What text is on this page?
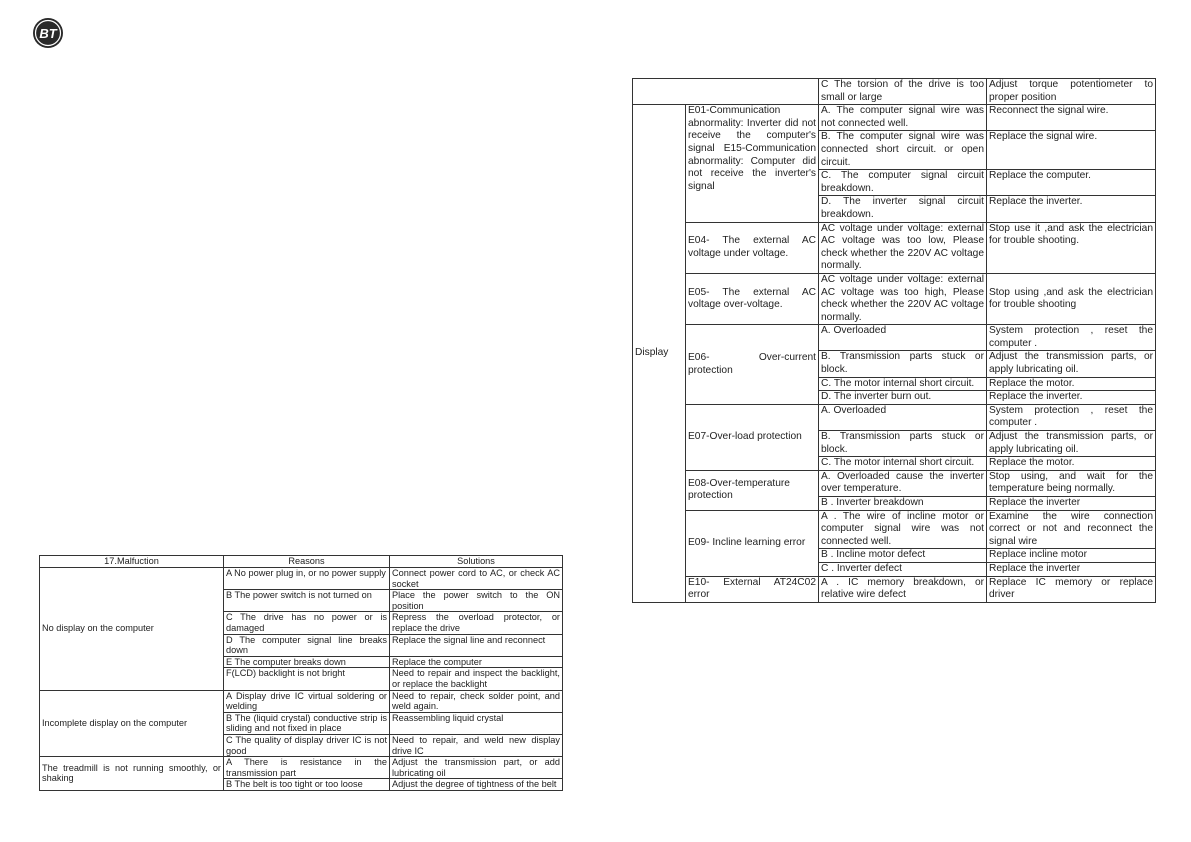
BT
17.Malfuction	Reasons	Solutions
No display on the computer	A No power plug in, or no power supply	Connect power cord to AC, or check AC socket
	B The power switch is not turned on	Place the power switch to the ON position
	C The drive has no power or is damaged	Repress the overload protector, or replace the drive
	D The computer signal line breaks down	Replace the signal line and reconnect
	E The computer breaks down	Replace the computer
	F(LCD) backlight is not bright	Need to repair and inspect the backlight, or replace the backlight
Incomplete display on the computer	A Display drive IC virtual soldering or welding	Need to repair, check solder point, and weld again.
	B The (liquid crystal) conductive strip is sliding and not fixed in place	Reassembling liquid crystal
	C The quality of display driver IC is not good	Need to repair, and weld new display drive IC
The treadmill is not running smoothly, or shaking	A There is resistance in the transmission part	Adjust the transmission part, or add lubricating oil
	B The belt is too tight or too loose	Adjust the degree of tightness of the belt
		C The torsion of the drive is too small or large	Adjust torque potentiometer to proper position
Display	E01-Communication abnormality: Inverter did not receive the computer's signal E15-Communication abnormality: Computer did not receive the inverter's signal	A. The computer signal wire was not connected well.	Reconnect the signal wire.
		B. The computer signal wire was connected short circuit. or open circuit.	Replace the signal wire.
		C. The computer signal circuit breakdown.	Replace the computer.
		D. The inverter signal circuit breakdown.	Replace the inverter.
	E04- The external AC voltage under voltage.	AC voltage under voltage: external AC voltage was too low, Please check whether the 220V AC voltage normally.	Stop use it ,and ask the electrician for trouble shooting.
	E05- The external AC voltage over-voltage.	AC voltage under voltage: external AC voltage was too high, Please check whether the 220V AC voltage normally.	Stop using ,and ask the electrician for trouble shooting
	E06- Over-current protection	A. Overloaded	System protection , reset the computer .
		B. Transmission parts stuck or block.	Adjust the transmission parts, or apply lubricating oil.
		C. The motor internal short circuit.	Replace the motor.
		D. The inverter burn out.	Replace the inverter.
	E07-Over-load protection	A. Overloaded	System protection , reset the computer .
		B. Transmission parts stuck or block.	Adjust the transmission parts, or apply lubricating oil.
		C. The motor internal short circuit.	Replace the motor.
	E08-Over-temperature protection	A. Overloaded cause the inverter over temperature.	Stop using, and wait for the temperature being normally.
		B . Inverter breakdown	Replace the inverter
	E09- Incline learning error	A . The wire of incline motor or computer signal wire was not connected well.	Examine the wire connection correct or not and reconnect the signal wire
		B . Incline motor defect	Replace incline motor
		C . Inverter defect	Replace the inverter
	E10- External AT24C02 error	A . IC memory breakdown, or relative wire defect	Replace IC memory or replace driver
